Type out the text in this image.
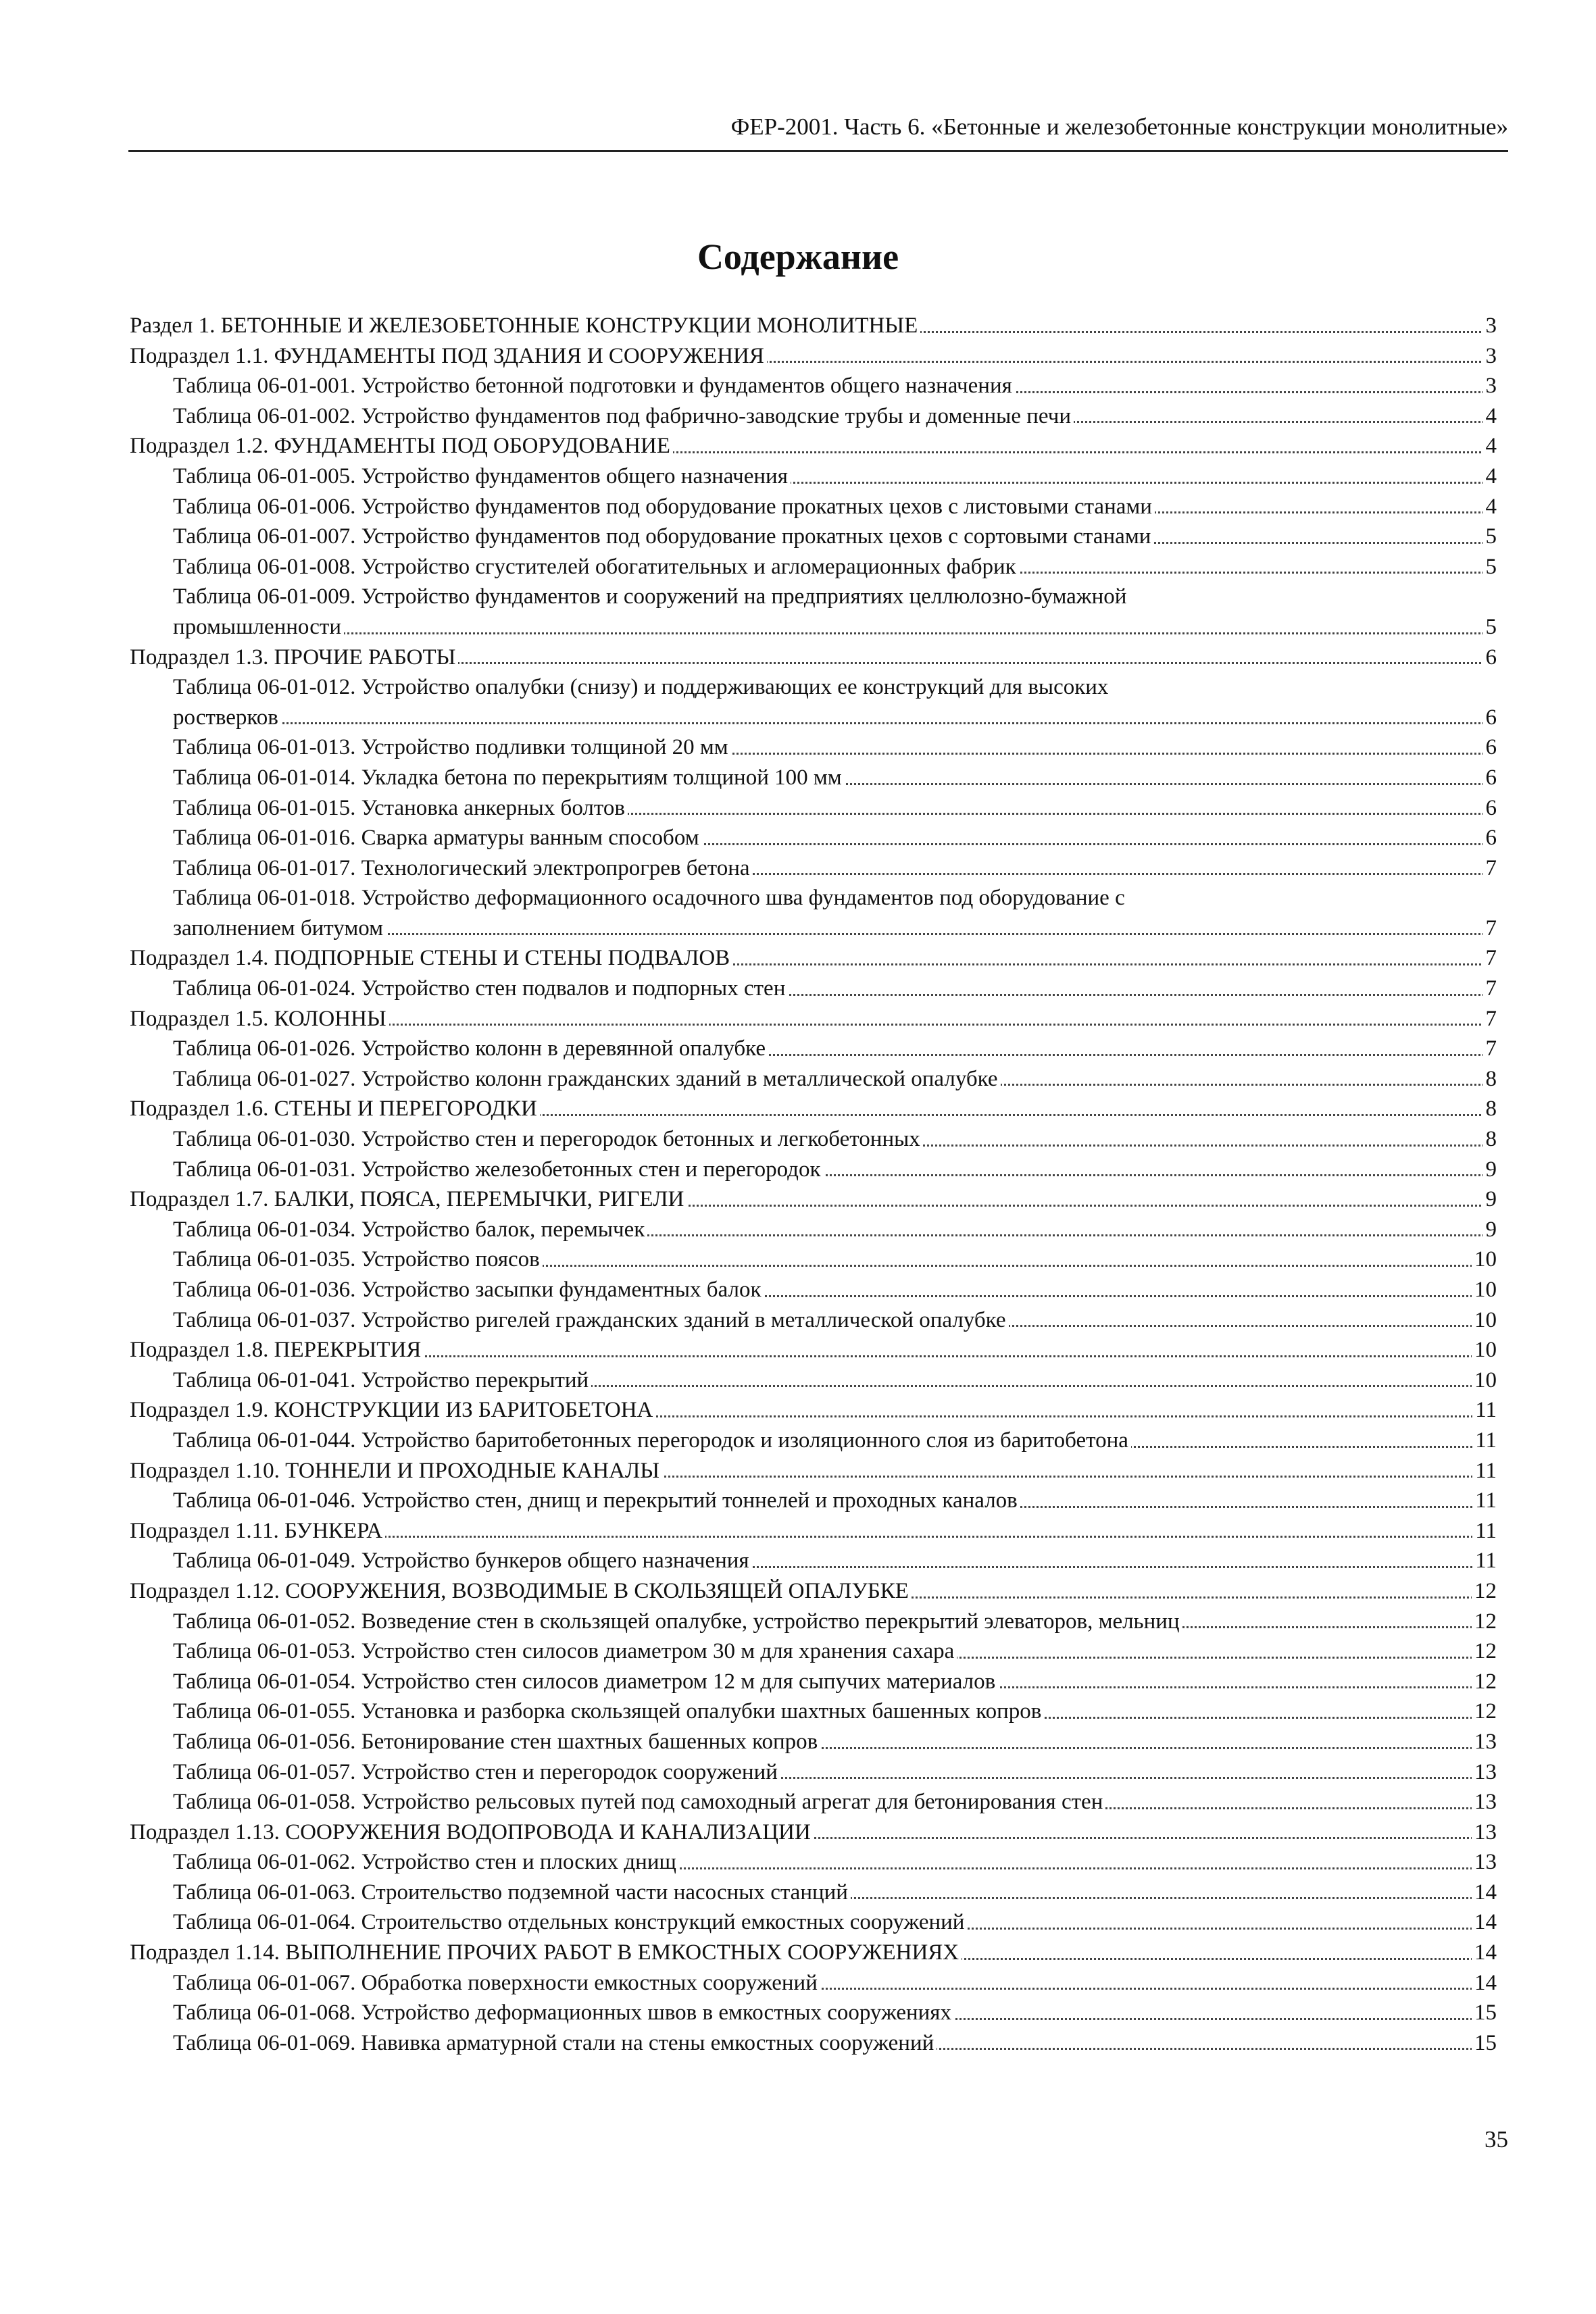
ФЕР-2001. Часть 6. «Бетонные и железобетонные конструкции монолитные»
Содержание
Раздел 1. БЕТОННЫЕ И ЖЕЛЕЗОБЕТОННЫЕ КОНСТРУКЦИИ МОНОЛИТНЫЕ	3
Подраздел 1.1. ФУНДАМЕНТЫ ПОД ЗДАНИЯ И СООРУЖЕНИЯ	3
Таблица 06-01-001. Устройство бетонной подготовки и фундаментов общего назначения	3
Таблица 06-01-002. Устройство фундаментов под фабрично-заводские трубы и доменные печи	4
Подраздел 1.2. ФУНДАМЕНТЫ ПОД ОБОРУДОВАНИЕ	4
Таблица 06-01-005. Устройство фундаментов общего назначения	4
Таблица 06-01-006. Устройство фундаментов под оборудование прокатных цехов с листовыми станами	4
Таблица 06-01-007. Устройство фундаментов под оборудование прокатных цехов с сортовыми станами	5
Таблица 06-01-008. Устройство сгустителей обогатительных и агломерационных фабрик	5
Таблица 06-01-009. Устройство фундаментов и сооружений на предприятиях целлюлозно-бумажной
промышленности	5
Подраздел 1.3. ПРОЧИЕ РАБОТЫ	6
Таблица 06-01-012. Устройство опалубки (снизу) и поддерживающих ее конструкций для высоких
ростверков	6
Таблица 06-01-013. Устройство подливки толщиной 20 мм	6
Таблица 06-01-014. Укладка бетона по перекрытиям толщиной 100 мм	6
Таблица 06-01-015. Установка анкерных болтов	6
Таблица 06-01-016. Сварка арматуры ванным способом	6
Таблица 06-01-017. Технологический электропрогрев бетона	7
Таблица 06-01-018. Устройство деформационного осадочного шва фундаментов под оборудование с
заполнением битумом	7
Подраздел 1.4. ПОДПОРНЫЕ СТЕНЫ И СТЕНЫ ПОДВАЛОВ	7
Таблица 06-01-024. Устройство стен подвалов и подпорных стен	7
Подраздел 1.5. КОЛОННЫ	7
Таблица 06-01-026. Устройство колонн в деревянной опалубке	7
Таблица 06-01-027. Устройство колонн гражданских зданий в металлической опалубке	8
Подраздел 1.6. СТЕНЫ И ПЕРЕГОРОДКИ	8
Таблица 06-01-030. Устройство стен и перегородок бетонных и легкобетонных	8
Таблица 06-01-031. Устройство железобетонных стен и перегородок	9
Подраздел 1.7. БАЛКИ, ПОЯСА, ПЕРЕМЫЧКИ, РИГЕЛИ	9
Таблица 06-01-034. Устройство балок, перемычек	9
Таблица 06-01-035. Устройство поясов	10
Таблица 06-01-036. Устройство засыпки фундаментных балок	10
Таблица 06-01-037. Устройство ригелей гражданских зданий в металлической опалубке	10
Подраздел 1.8. ПЕРЕКРЫТИЯ	10
Таблица 06-01-041. Устройство перекрытий	10
Подраздел 1.9. КОНСТРУКЦИИ ИЗ БАРИТОБЕТОНА	11
Таблица 06-01-044. Устройство баритобетонных перегородок и изоляционного слоя из баритобетона	11
Подраздел 1.10. ТОННЕЛИ И ПРОХОДНЫЕ КАНАЛЫ	11
Таблица 06-01-046. Устройство стен, днищ и перекрытий тоннелей и проходных каналов	11
Подраздел 1.11. БУНКЕРА	11
Таблица 06-01-049. Устройство бункеров общего назначения	11
Подраздел 1.12. СООРУЖЕНИЯ, ВОЗВОДИМЫЕ В СКОЛЬЗЯЩЕЙ ОПАЛУБКЕ	12
Таблица 06-01-052. Возведение стен в скользящей опалубке, устройство перекрытий элеваторов, мельниц	12
Таблица 06-01-053. Устройство стен силосов диаметром 30 м для хранения сахара	12
Таблица 06-01-054. Устройство стен силосов диаметром 12 м для сыпучих материалов	12
Таблица 06-01-055. Установка и разборка скользящей опалубки шахтных башенных копров	12
Таблица 06-01-056. Бетонирование стен шахтных башенных копров	13
Таблица 06-01-057. Устройство стен и перегородок сооружений	13
Таблица 06-01-058. Устройство рельсовых путей под самоходный агрегат для бетонирования стен	13
Подраздел 1.13. СООРУЖЕНИЯ ВОДОПРОВОДА И КАНАЛИЗАЦИИ	13
Таблица 06-01-062. Устройство стен и плоских днищ	13
Таблица 06-01-063. Строительство подземной части насосных станций	14
Таблица 06-01-064. Строительство отдельных конструкций емкостных сооружений	14
Подраздел 1.14. ВЫПОЛНЕНИЕ ПРОЧИХ РАБОТ В ЕМКОСТНЫХ СООРУЖЕНИЯХ	14
Таблица 06-01-067. Обработка поверхности емкостных сооружений	14
Таблица 06-01-068. Устройство деформационных швов в емкостных сооружениях	15
Таблица 06-01-069. Навивка арматурной стали на стены емкостных сооружений	15
35
